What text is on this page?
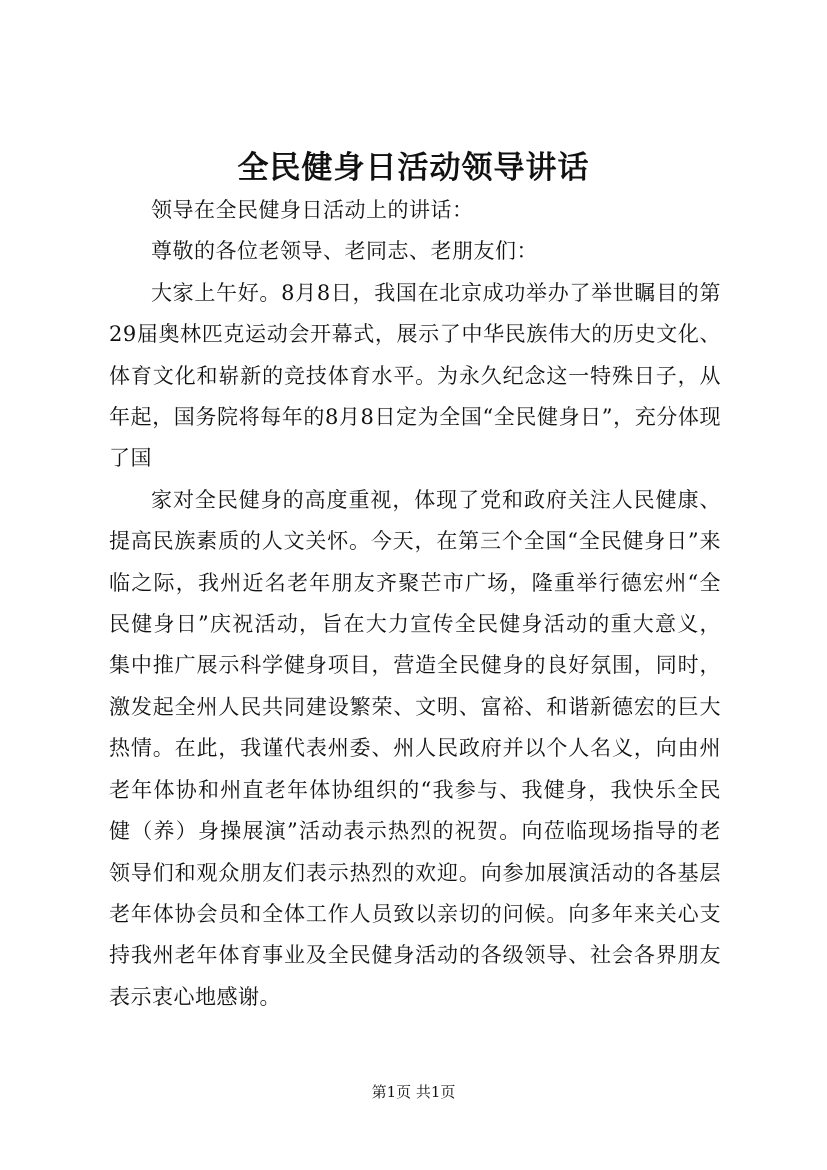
全民健身日活动领导讲话

领导在全民健身日活动上的讲话：

尊敬的各位老领导、老同志、老朋友们：

大家上午好。8月8日，我国在北京成功举办了举世瞩目的第29届奥林匹克运动会开幕式，展示了中华民族伟大的历史文化、体育文化和崭新的竞技体育水平。为永久纪念这一特殊日子，从年起，国务院将每年的8月8日定为全国“全民健身日”，充分体现了国

家对全民健身的高度重视，体现了党和政府关注人民健康、提高民族素质的人文关怀。今天，在第三个全国“全民健身日”来临之际，我州近名老年朋友齐聚芒市广场，隆重举行德宏州“全民健身日”庆祝活动，旨在大力宣传全民健身活动的重大意义，集中推广展示科学健身项目，营造全民健身的良好氛围，同时，激发起全州人民共同建设繁荣、文明、富裕、和谐新德宏的巨大热情。在此，我谨代表州委、州人民政府并以个人名义，向由州老年体协和州直老年体协组织的“我参与、我健身，我快乐全民健（养）身操展演”活动表示热烈的祝贺。向莅临现场指导的老领导们和观众朋友们表示热烈的欢迎。向参加展演活动的各基层老年体协会员和全体工作人员致以亲切的问候。向多年来关心支持我州老年体育事业及全民健身活动的各级领导、社会各界朋友表示衷心地感谢。

第1页 共1页
